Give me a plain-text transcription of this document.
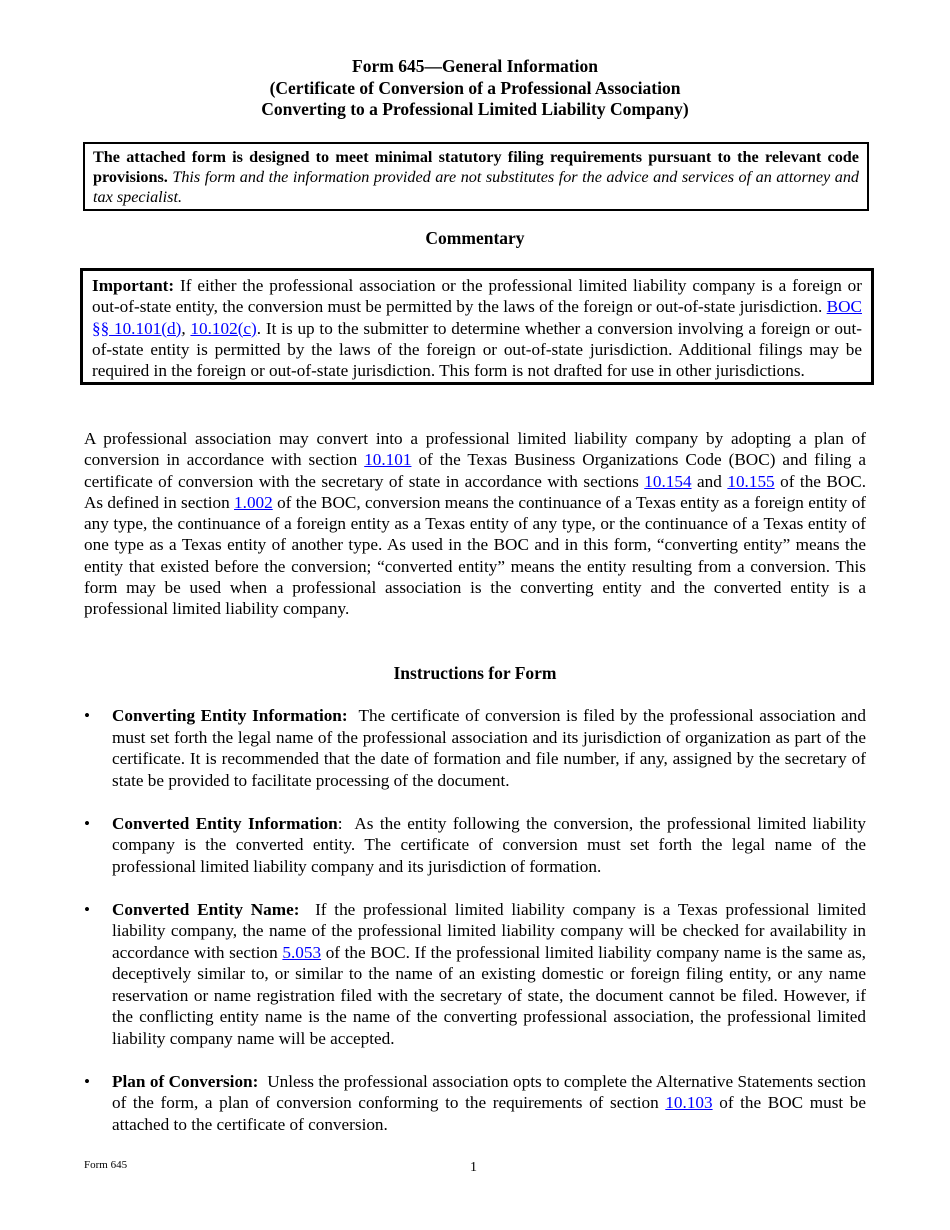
Form 645—General Information
(Certificate of Conversion of a Professional Association
Converting to a Professional Limited Liability Company)
The attached form is designed to meet minimal statutory filing requirements pursuant to the relevant code provisions. This form and the information provided are not substitutes for the advice and services of an attorney and tax specialist.
Commentary
Important: If either the professional association or the professional limited liability company is a foreign or out-of-state entity, the conversion must be permitted by the laws of the foreign or out-of-state jurisdiction. BOC §§ 10.101(d), 10.102(c). It is up to the submitter to determine whether a conversion involving a foreign or out-of-state entity is permitted by the laws of the foreign or out-of-state jurisdiction. Additional filings may be required in the foreign or out-of-state jurisdiction. This form is not drafted for use in other jurisdictions.
A professional association may convert into a professional limited liability company by adopting a plan of conversion in accordance with section 10.101 of the Texas Business Organizations Code (BOC) and filing a certificate of conversion with the secretary of state in accordance with sections 10.154 and 10.155 of the BOC. As defined in section 1.002 of the BOC, conversion means the continuance of a Texas entity as a foreign entity of any type, the continuance of a foreign entity as a Texas entity of any type, or the continuance of a Texas entity of one type as a Texas entity of another type. As used in the BOC and in this form, “converting entity” means the entity that existed before the conversion; “converted entity” means the entity resulting from a conversion. This form may be used when a professional association is the converting entity and the converted entity is a professional limited liability company.
Instructions for Form
• Converting Entity Information: The certificate of conversion is filed by the professional association and must set forth the legal name of the professional association and its jurisdiction of organization as part of the certificate. It is recommended that the date of formation and file number, if any, assigned by the secretary of state be provided to facilitate processing of the document.
• Converted Entity Information: As the entity following the conversion, the professional limited liability company is the converted entity. The certificate of conversion must set forth the legal name of the professional limited liability company and its jurisdiction of formation.
• Converted Entity Name: If the professional limited liability company is a Texas professional limited liability company, the name of the professional limited liability company will be checked for availability in accordance with section 5.053 of the BOC. If the professional limited liability company name is the same as, deceptively similar to, or similar to the name of an existing domestic or foreign filing entity, or any name reservation or name registration filed with the secretary of state, the document cannot be filed. However, if the conflicting entity name is the name of the converting professional association, the professional limited liability company name will be accepted.
• Plan of Conversion: Unless the professional association opts to complete the Alternative Statements section of the form, a plan of conversion conforming to the requirements of section 10.103 of the BOC must be attached to the certificate of conversion.
Form 645	1
